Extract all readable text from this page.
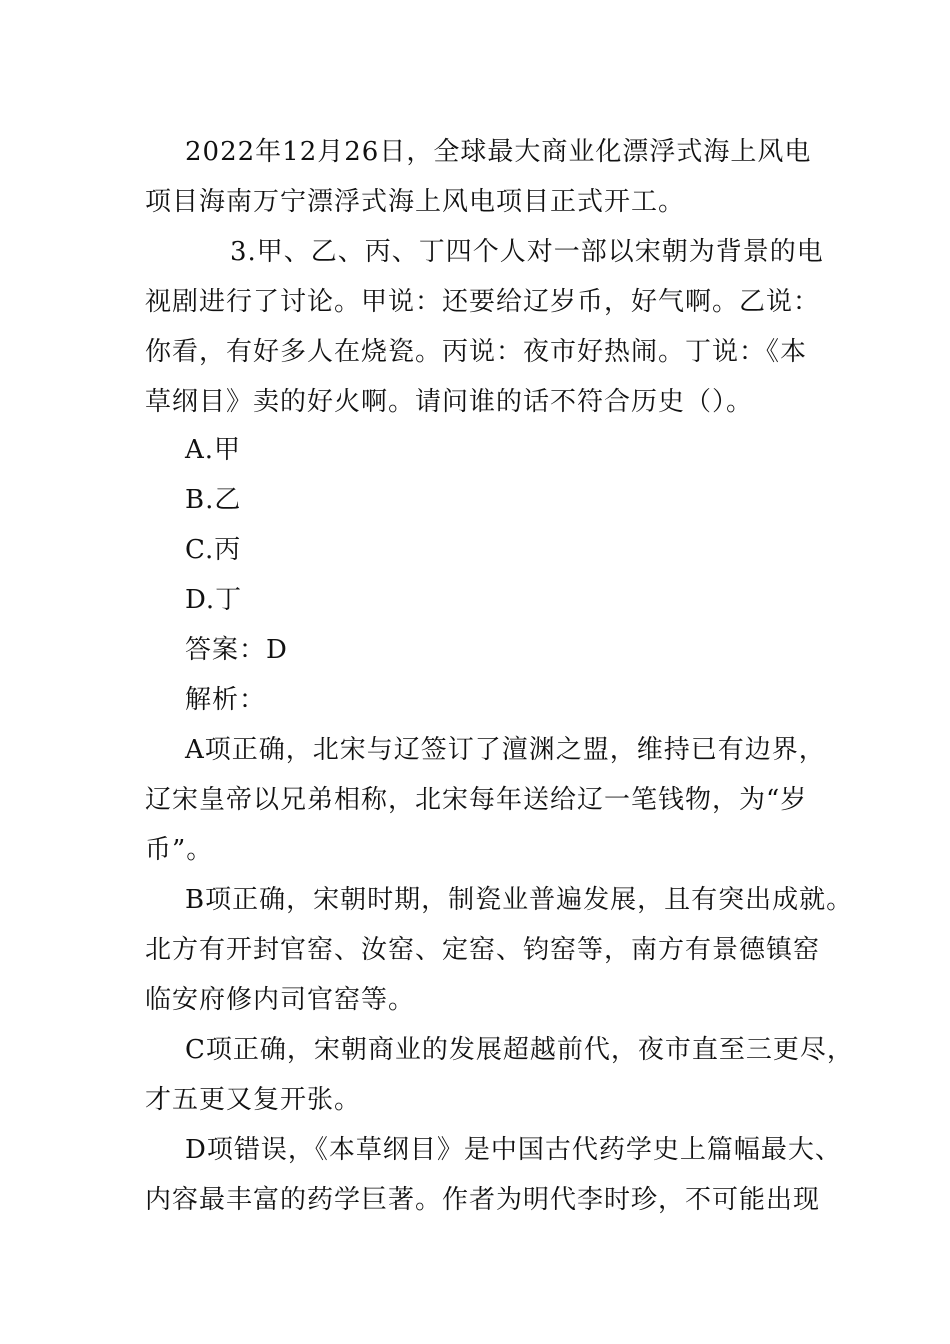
2022年12月26日，全球最大商业化漂浮式海上风电
项目海南万宁漂浮式海上风电项目正式开工。
3.甲、乙、丙、丁四个人对一部以宋朝为背景的电
视剧进行了讨论。甲说：还要给辽岁币，好气啊。乙说：
你看，有好多人在烧瓷。丙说：夜市好热闹。丁说：《本
草纲目》卖的好火啊。请问谁的话不符合历史（）。
A.甲
B.乙
C.丙
D.丁
答案：D
解析：
A项正确，北宋与辽签订了澶渊之盟，维持已有边界，
辽宋皇帝以兄弟相称，北宋每年送给辽一笔钱物，为“岁
币”。
B项正确，宋朝时期，制瓷业普遍发展，且有突出成就。
北方有开封官窑、汝窑、定窑、钧窑等，南方有景德镇窑
临安府修内司官窑等。
C项正确，宋朝商业的发展超越前代，夜市直至三更尽，
才五更又复开张。
D项错误，《本草纲目》是中国古代药学史上篇幅最大、
内容最丰富的药学巨著。作者为明代李时珍，不可能出现
